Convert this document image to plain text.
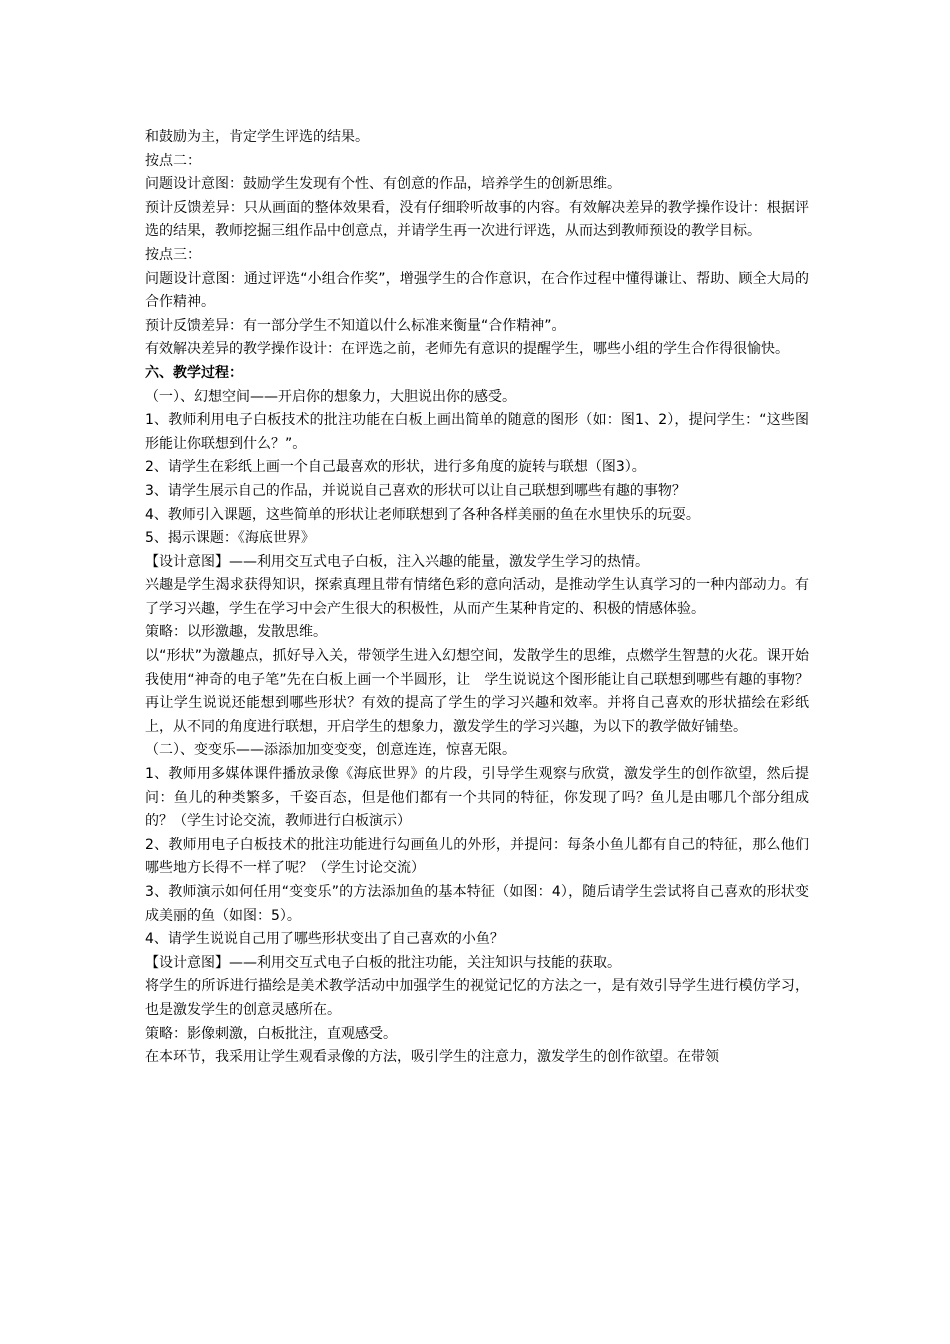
和鼓励为主，肯定学生评选的结果。

按点二：

问题设计意图：鼓励学生发现有个性、有创意的作品，培养学生的创新思维。

预计反馈差异：只从画面的整体效果看，没有仔细聆听故事的内容。有效解决差异的教学操作设计：根据评选的结果，教师挖掘三组作品中创意点，并请学生再一次进行评选，从而达到教师预设的教学目标。

按点三：

问题设计意图：通过评选“小组合作奖”，增强学生的合作意识，在合作过程中懂得谦让、帮助、顾全大局的合作精神。

预计反馈差异：有一部分学生不知道以什么标准来衡量“合作精神”。

有效解决差异的教学操作设计：在评选之前，老师先有意识的提醒学生，哪些小组的学生合作得很愉快。

六、教学过程：

（一）、幻想空间——开启你的想象力，大胆说出你的感受。

1、教师利用电子白板技术的批注功能在白板上画出简单的随意的图形（如：图1、2），提问学生：“这些图形能让你联想到什么？”。

2、请学生在彩纸上画一个自己最喜欢的形状，进行多角度的旋转与联想（图3）。

3、请学生展示自己的作品，并说说自己喜欢的形状可以让自己联想到哪些有趣的事物？

4、教师引入课题，这些简单的形状让老师联想到了各种各样美丽的鱼在水里快乐的玩耍。

5、揭示课题：《海底世界》

【设计意图】——利用交互式电子白板，注入兴趣的能量，激发学生学习的热情。

兴趣是学生渴求获得知识，探索真理且带有情绪色彩的意向活动，是推动学生认真学习的一种内部动力。有了学习兴趣，学生在学习中会产生很大的积极性，从而产生某种肯定的、积极的情感体验。

策略：以形激趣，发散思维。

以“形状”为激趣点，抓好导入关，带领学生进入幻想空间，发散学生的思维，点燃学生智慧的火花。课开始我使用“神奇的电子笔”先在白板上画一个半圆形，让　学生说说这个图形能让自己联想到哪些有趣的事物？再让学生说说还能想到哪些形状？有效的提高了学生的学习兴趣和效率。并将自己喜欢的形状描绘在彩纸上，从不同的角度进行联想，开启学生的想象力，激发学生的学习兴趣，为以下的教学做好铺垫。

（二）、变变乐——添添加加变变变，创意连连，惊喜无限。

1、教师用多媒体课件播放录像《海底世界》的片段，引导学生观察与欣赏，激发学生的创作欲望，然后提问：鱼儿的种类繁多，千姿百态，但是他们都有一个共同的特征，你发现了吗？鱼儿是由哪几个部分组成的？（学生讨论交流，教师进行白板演示）

2、教师用电子白板技术的批注功能进行勾画鱼儿的外形，并提问：每条小鱼儿都有自己的特征，那么他们哪些地方长得不一样了呢？（学生讨论交流）

3、教师演示如何任用“变变乐”的方法添加鱼的基本特征（如图：4），随后请学生尝试将自己喜欢的形状变成美丽的鱼（如图：5）。

4、请学生说说自己用了哪些形状变出了自己喜欢的小鱼？

【设计意图】——利用交互式电子白板的批注功能，关注知识与技能的获取。

将学生的所诉进行描绘是美术教学活动中加强学生的视觉记忆的方法之一，是有效引导学生进行模仿学习，也是激发学生的创意灵感所在。

策略：影像刺激，白板批注，直观感受。

在本环节，我采用让学生观看录像的方法，吸引学生的注意力，激发学生的创作欲望。在带领
